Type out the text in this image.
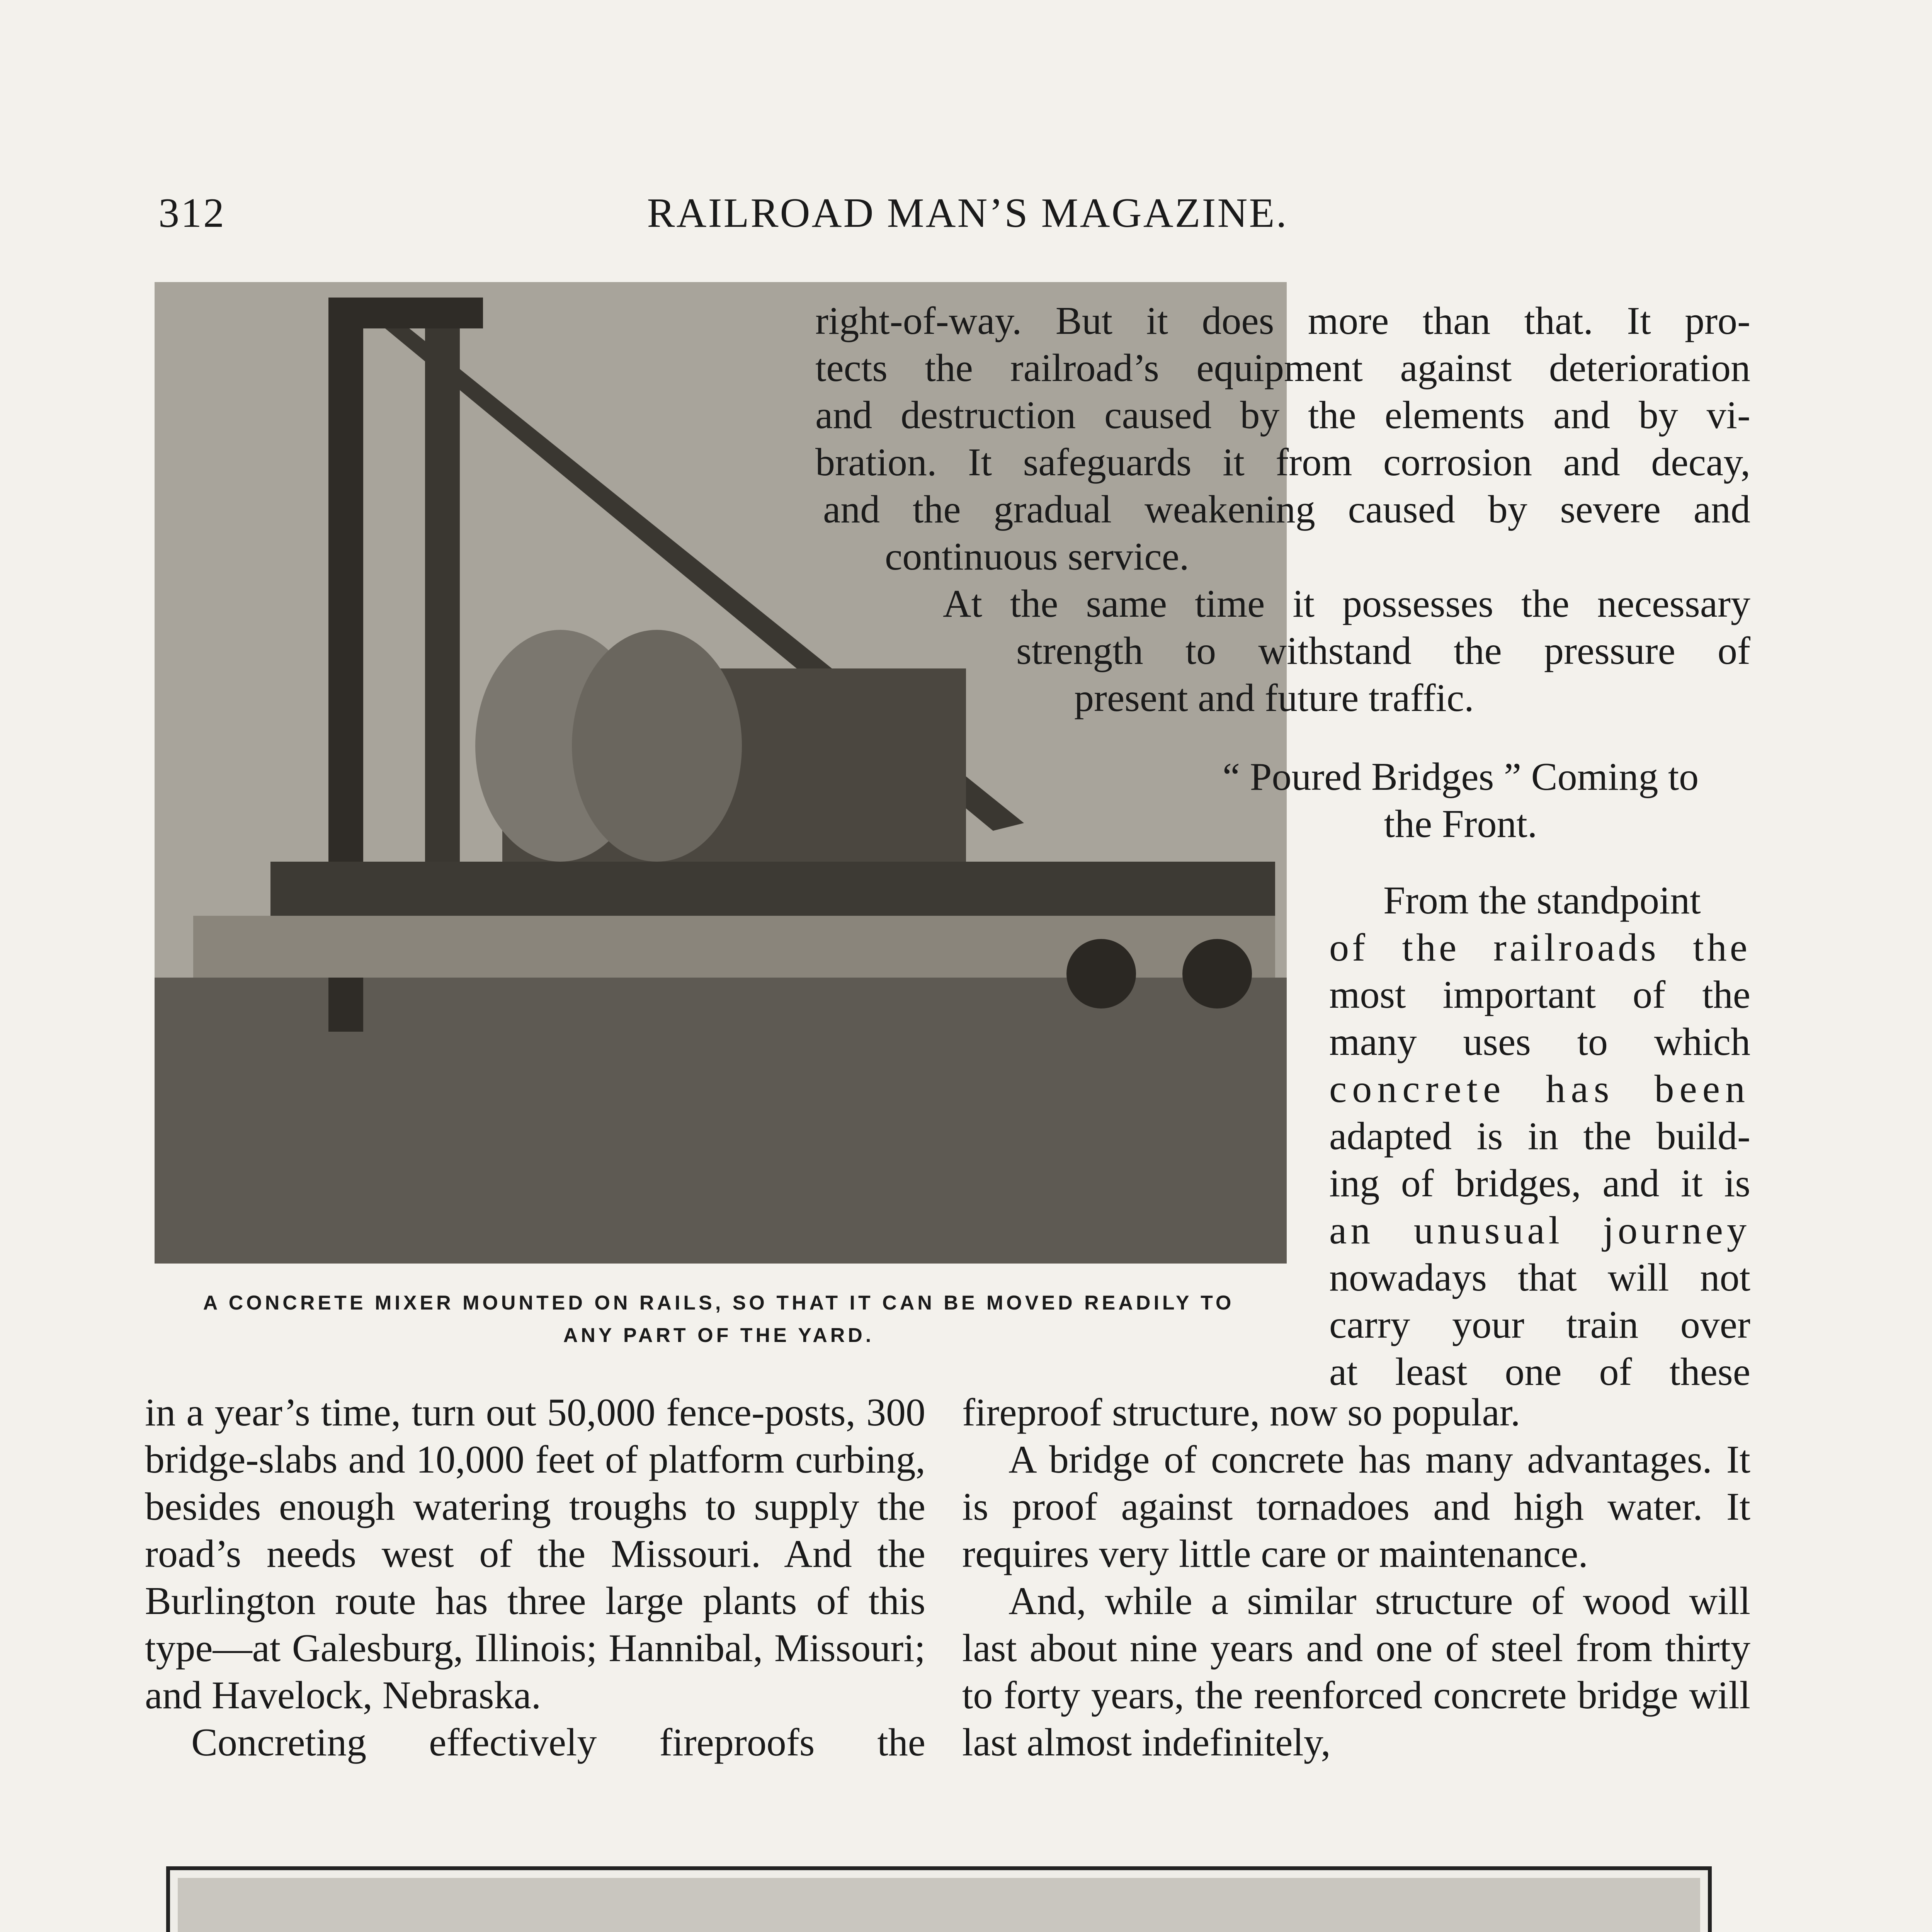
312	RAILROAD MAN’S MAGAZINE.
right-of-way. But it does more than that. It pro-
tects the railroad’s equipment against deterioration
and destruction caused by the elements and by vi-
bration. It safeguards it from corrosion and decay,
and the gradual weakening caused by severe and
continuous service.
At the same time it possesses the necessary
strength to withstand the pressure of
present and future traffic.
“ Poured Bridges ” Coming to
the Front.
From the standpoint
of the railroads the
most important of the
many uses to which
concrete has been
adapted is in the build-
ing of bridges, and it is
an unusual journey
nowadays that will not
carry your train over
at least one of these
A CONCRETE MIXER MOUNTED ON RAILS, SO THAT IT CAN BE MOVED READILY TO ANY PART OF THE YARD.

in a year’s time, turn out 50,000 fence-posts, 300 bridge-slabs and 10,000 feet of platform curbing, besides enough watering troughs to supply the road’s needs west of the Missouri. And the Burlington route has three large plants of this type—at Galesburg, Illinois; Hannibal, Missouri; and Havelock, Nebraska.

Concreting effectively fireproofs the

fireproof structure, now so popular.

A bridge of concrete has many advantages. It is proof against tornadoes and high water. It requires very little care or maintenance.

And, while a similar structure of wood will last about nine years and one of steel from thirty to forty years, the reenforced concrete bridge will last almost indefinitely,
